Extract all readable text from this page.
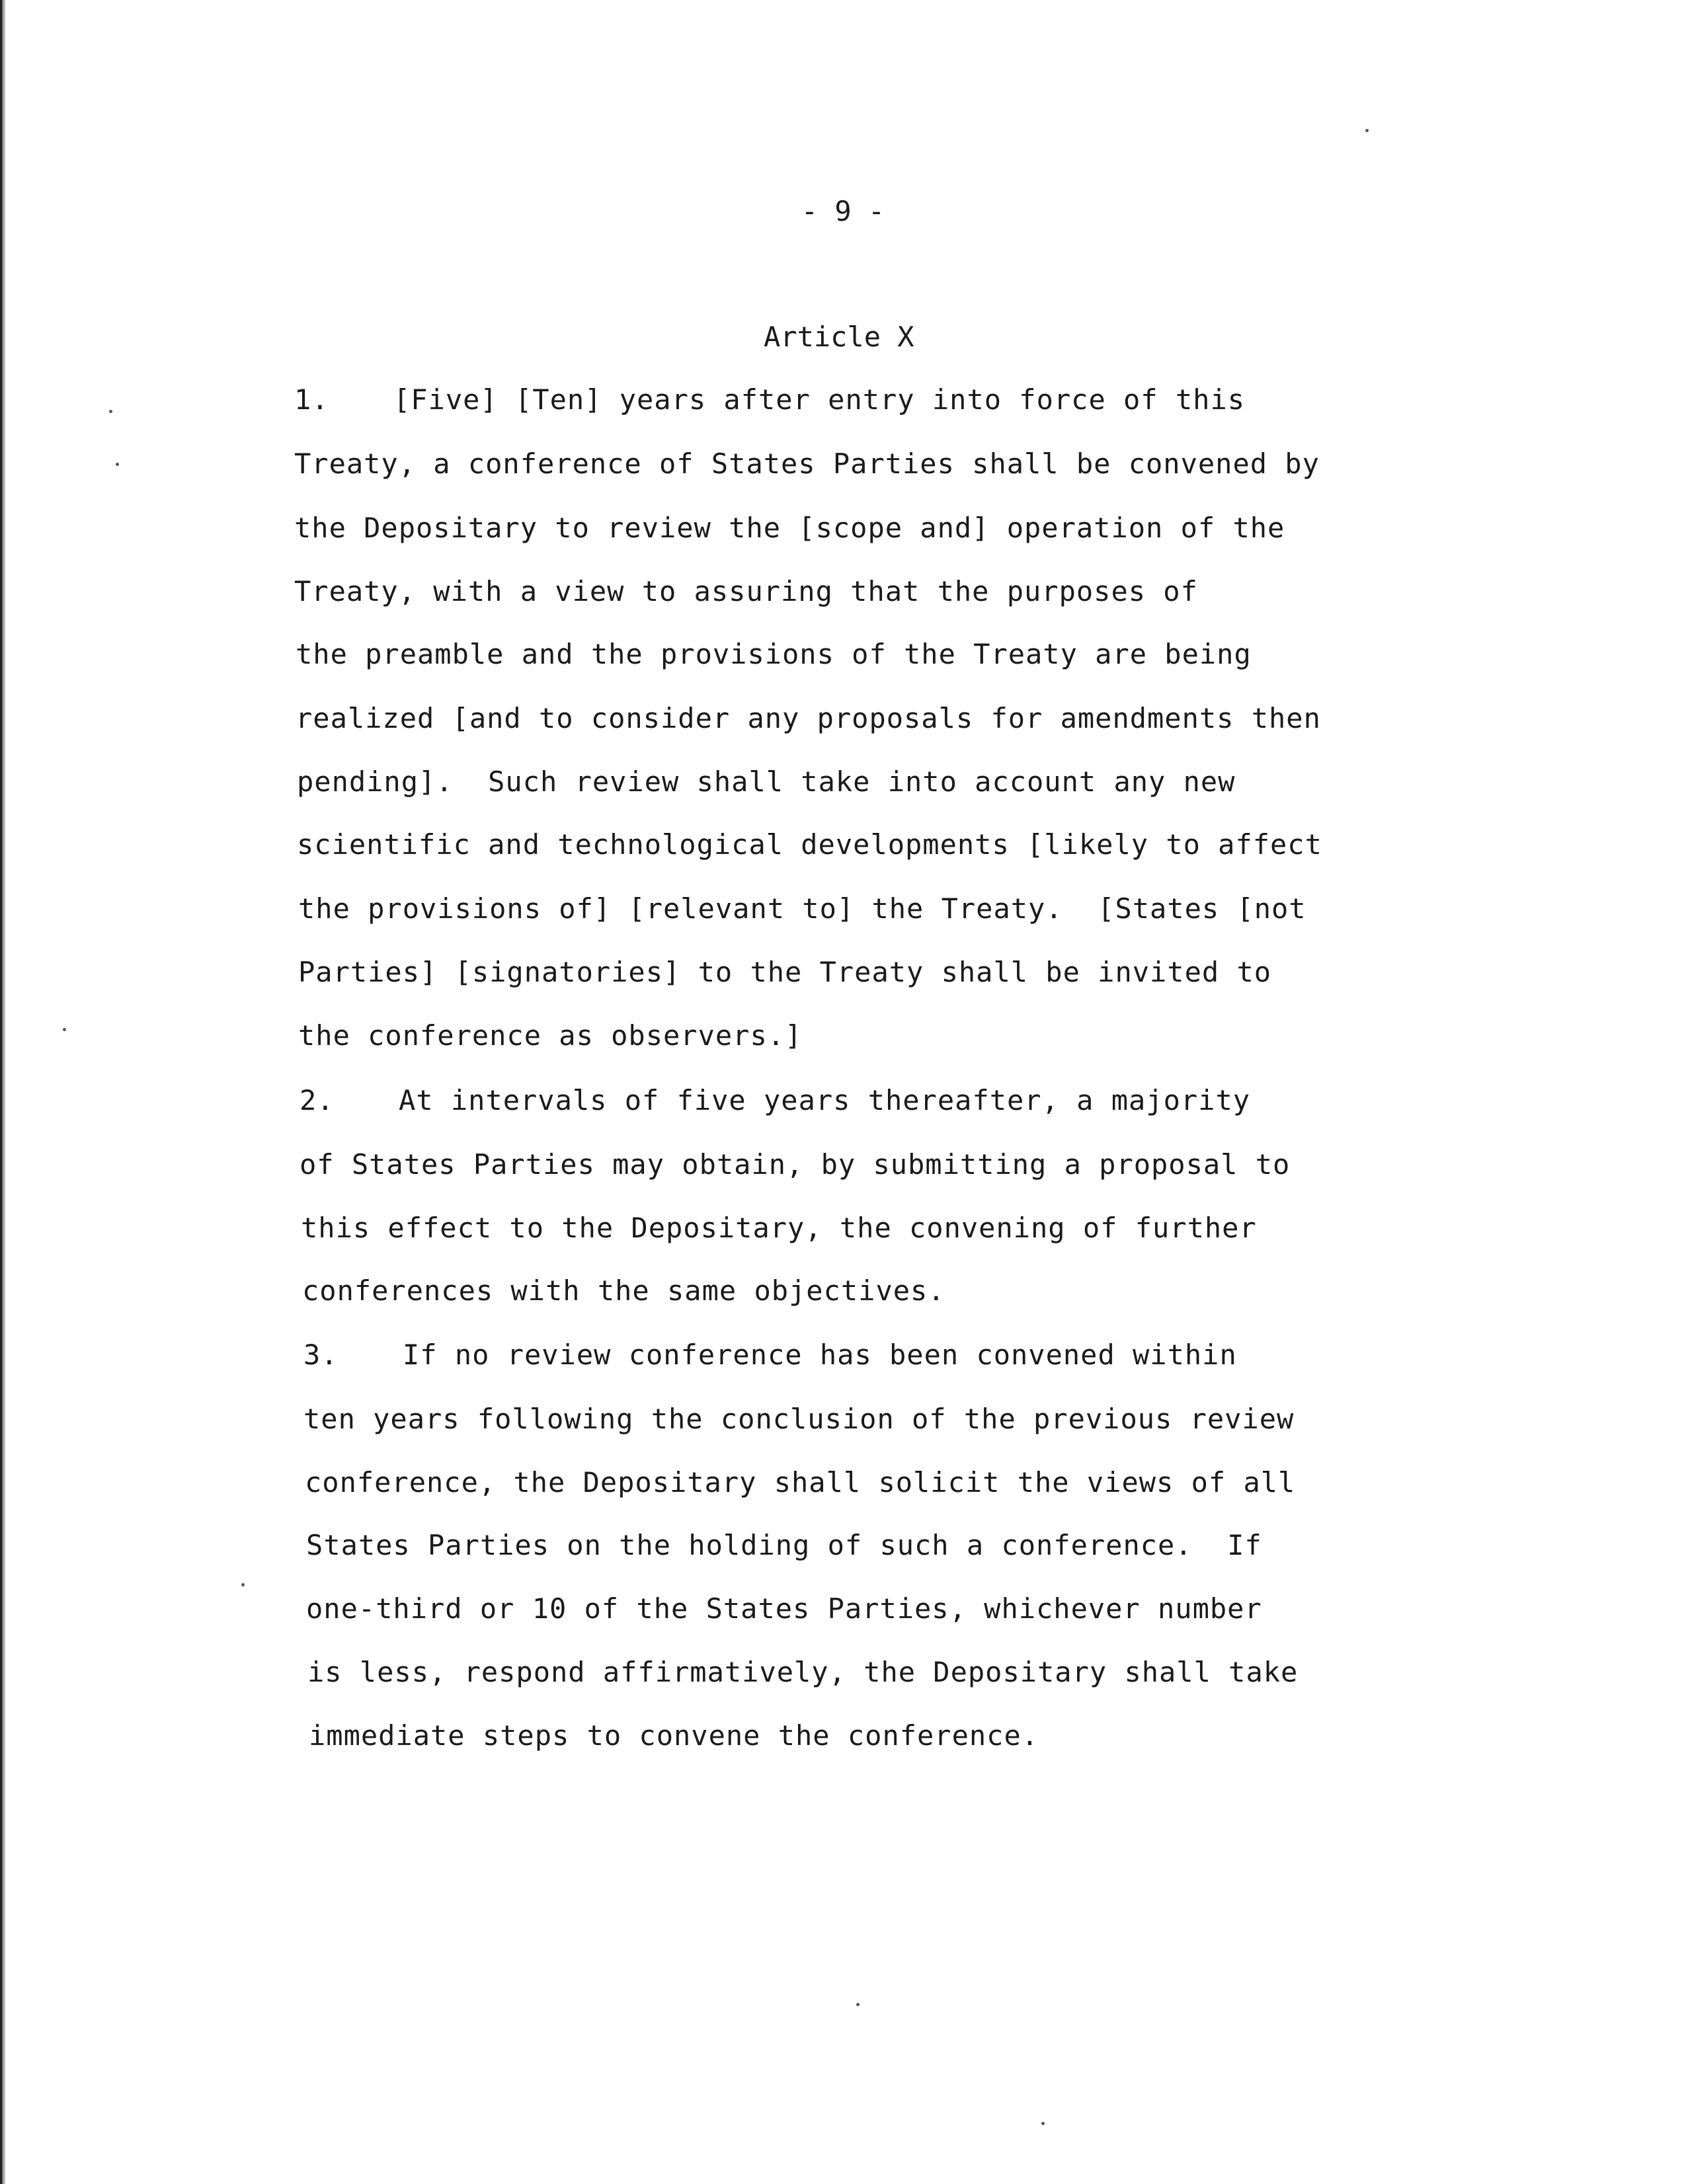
- 9 -
Article X
1. [Five] [Ten] years after entry into force of this
Treaty, a conference of States Parties shall be convened by
the Depositary to review the [scope and] operation of the
Treaty, with a view to assuring that the purposes of
the preamble and the provisions of the Treaty are being
realized [and to consider any proposals for amendments then
pending].  Such review shall take into account any new
scientific and technological developments [likely to affect
the provisions of] [relevant to] the Treaty.  [States [not
Parties] [signatories] to the Treaty shall be invited to
the conference as observers.]
2. At intervals of five years thereafter, a majority
of States Parties may obtain, by submitting a proposal to
this effect to the Depositary, the convening of further
conferences with the same objectives.
3. If no review conference has been convened within
ten years following the conclusion of the previous review
conference, the Depositary shall solicit the views of all
States Parties on the holding of such a conference.  If
one-third or 10 of the States Parties, whichever number
is less, respond affirmatively, the Depositary shall take
immediate steps to convene the conference.
